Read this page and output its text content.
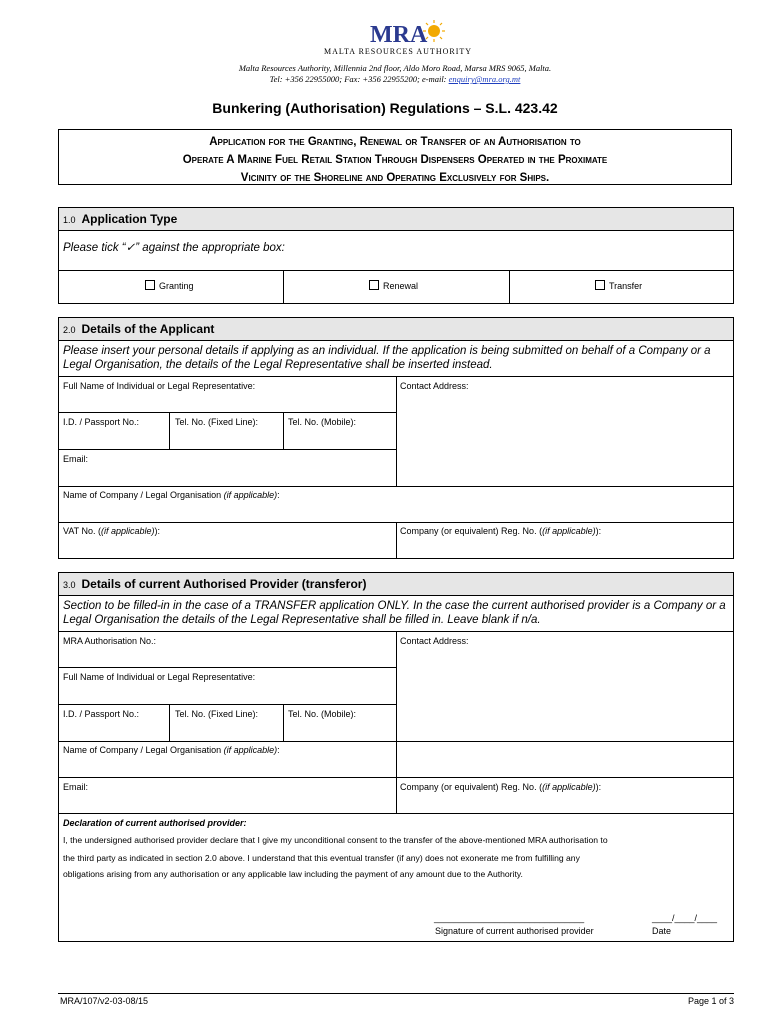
MRA
MALTA RESOURCES AUTHORITY
Malta Resources Authority, Millennia 2nd floor, Aldo Moro Road, Marsa MRS 9065, Malta.
Tel: +356 22955000; Fax: +356 22955200; e-mail: enquiry@mra.org.mt
Bunkering (Authorisation) Regulations – S.L. 423.42
Application for the Granting, Renewal or Transfer of an Authorisation to
Operate A Marine Fuel Retail Station Through Dispensers Operated in the Proximate
Vicinity of the Shoreline and Operating Exclusively for Ships.
1.0 Application Type
Please tick “✓” against the appropriate box:
Granting	Renewal	Transfer
2.0 Details of the Applicant
Please insert your personal details if applying as an individual. If the application is being submitted on behalf of a Company or a Legal Organisation, the details of the Legal Representative shall be inserted instead.
Full Name of Individual or Legal Representative:	Contact Address:
I.D. / Passport No.:	Tel. No. (Fixed Line):	Tel. No. (Mobile):
Email:
Name of Company / Legal Organisation (if applicable):
VAT No. ((if applicable)):	Company (or equivalent) Reg. No. ((if applicable)):
3.0 Details of current Authorised Provider (transferor)
Section to be filled-in in the case of a TRANSFER application ONLY. In the case the current authorised provider is a Company or a Legal Organisation the details of the Legal Representative shall be filled in. Leave blank if n/a.
MRA Authorisation No.:	Contact Address:
Full Name of Individual or Legal Representative:
I.D. / Passport No.:	Tel. No. (Fixed Line):	Tel. No. (Mobile):
Name of Company / Legal Organisation (if applicable):
Email:	Company (or equivalent) Reg. No. ((if applicable)):
Declaration of current authorised provider:
I, the undersigned authorised provider declare that I give my unconditional consent to the transfer of the above-mentioned MRA authorisation to
the third party as indicated in section 2.0 above. I understand that this eventual transfer (if any) does not exonerate me from fulfilling any
obligations arising from any authorisation or any applicable law including the payment of any amount due to the Authority.
______________________________
Signature of current authorised provider
____/____/____
Date
MRA/107/v2-03-08/15	Page 1 of 3
